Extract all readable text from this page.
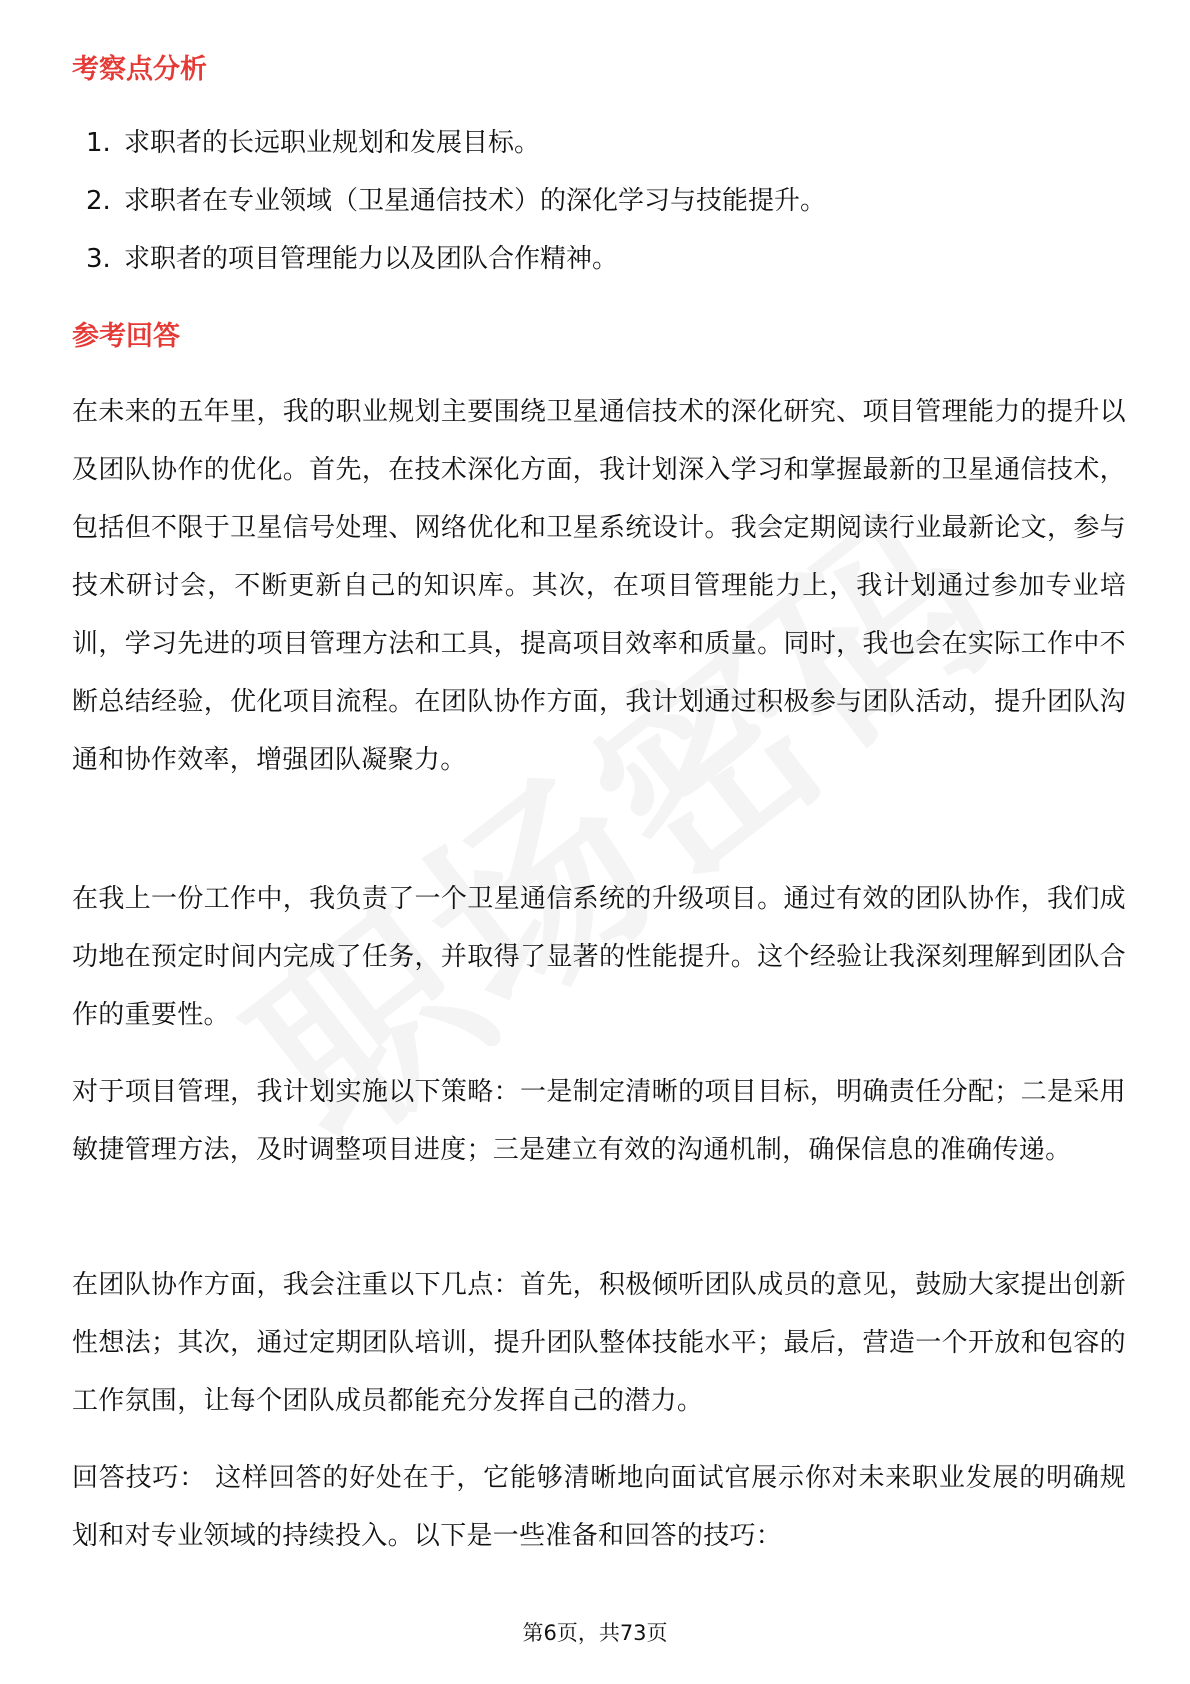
考察点分析
1. 求职者的长远职业规划和发展目标。
2. 求职者在专业领域（卫星通信技术）的深化学习与技能提升。
3. 求职者的项目管理能力以及团队合作精神。
参考回答

在未来的五年里，我的职业规划主要围绕卫星通信技术的深化研究、项目管理能力的提升以及团队协作的优化。首先，在技术深化方面，我计划深入学习和掌握最新的卫星通信技术，包括但不限于卫星信号处理、网络优化和卫星系统设计。我会定期阅读行业最新论文，参与技术研讨会，不断更新自己的知识库。其次，在项目管理能力上，我计划通过参加专业培训，学习先进的项目管理方法和工具，提高项目效率和质量。同时，我也会在实际工作中不断总结经验，优化项目流程。在团队协作方面，我计划通过积极参与团队活动，提升团队沟通和协作效率，增强团队凝聚力。

在我上一份工作中，我负责了一个卫星通信系统的升级项目。通过有效的团队协作，我们成功地在预定时间内完成了任务，并取得了显著的性能提升。这个经验让我深刻理解到团队合作的重要性。

对于项目管理，我计划实施以下策略：一是制定清晰的项目目标，明确责任分配；二是采用敏捷管理方法，及时调整项目进度；三是建立有效的沟通机制，确保信息的准确传递。

在团队协作方面，我会注重以下几点：首先，积极倾听团队成员的意见，鼓励大家提出创新性想法；其次，通过定期团队培训，提升团队整体技能水平；最后，营造一个开放和包容的工作氛围，让每个团队成员都能充分发挥自己的潜力。

回答技巧： 这样回答的好处在于，它能够清晰地向面试官展示你对未来职业发展的明确规划和对专业领域的持续投入。以下是一些准备和回答的技巧：

第6页，共73页
